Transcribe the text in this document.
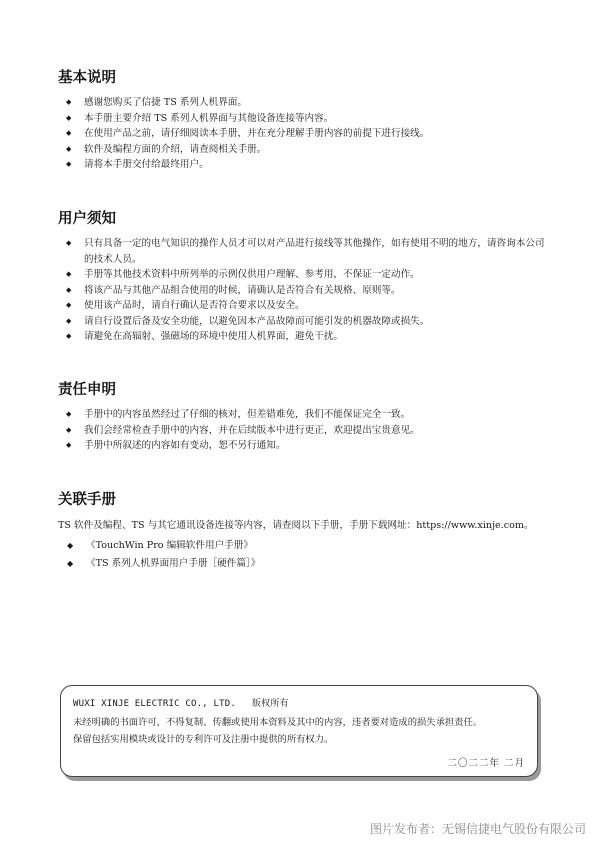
基本说明
◆ 感谢您购买了信捷 TS 系列人机界面。
◆ 本手册主要介绍 TS 系列人机界面与其他设备连接等内容。
◆ 在使用产品之前，请仔细阅读本手册，并在充分理解手册内容的前提下进行接线。
◆ 软件及编程方面的介绍，请查阅相关手册。
◆ 请将本手册交付给最终用户。
用户须知
◆ 只有具备一定的电气知识的操作人员才可以对产品进行接线等其他操作，如有使用不明的地方，请咨询本公司的技术人员。
◆ 手册等其他技术资料中所列举的示例仅供用户理解、参考用，不保证一定动作。
◆ 将该产品与其他产品组合使用的时候，请确认是否符合有关规格、原则等。
◆ 使用该产品时，请自行确认是否符合要求以及安全。
◆ 请自行设置后备及安全功能，以避免因本产品故障而可能引发的机器故障或损失。
◆ 请避免在高辐射、强磁场的环境中使用人机界面，避免干扰。
责任申明
◆ 手册中的内容虽然经过了仔细的核对，但差错难免，我们不能保证完全一致。
◆ 我们会经常检查手册中的内容，并在后续版本中进行更正，欢迎提出宝贵意见。
◆ 手册中所叙述的内容如有变动，恕不另行通知。
关联手册

TS 软件及编程、TS 与其它通讯设备连接等内容，请查阅以下手册，手册下载网址：https://www.xinje.com。

◆ 《TouchWin Pro 编辑软件用户手册》
◆ 《TS 系列人机界面用户手册［硬件篇］》
WUXI XINJE ELECTRIC CO., LTD. 版权所有
未经明确的书面许可，不得复制、传翻或使用本资料及其中的内容，违者要对造成的损失承担责任。
保留包括实用模块或设计的专利许可及注册中提供的所有权力。
二〇二二年 二月
图片发布者：无锡信捷电气股份有限公司
